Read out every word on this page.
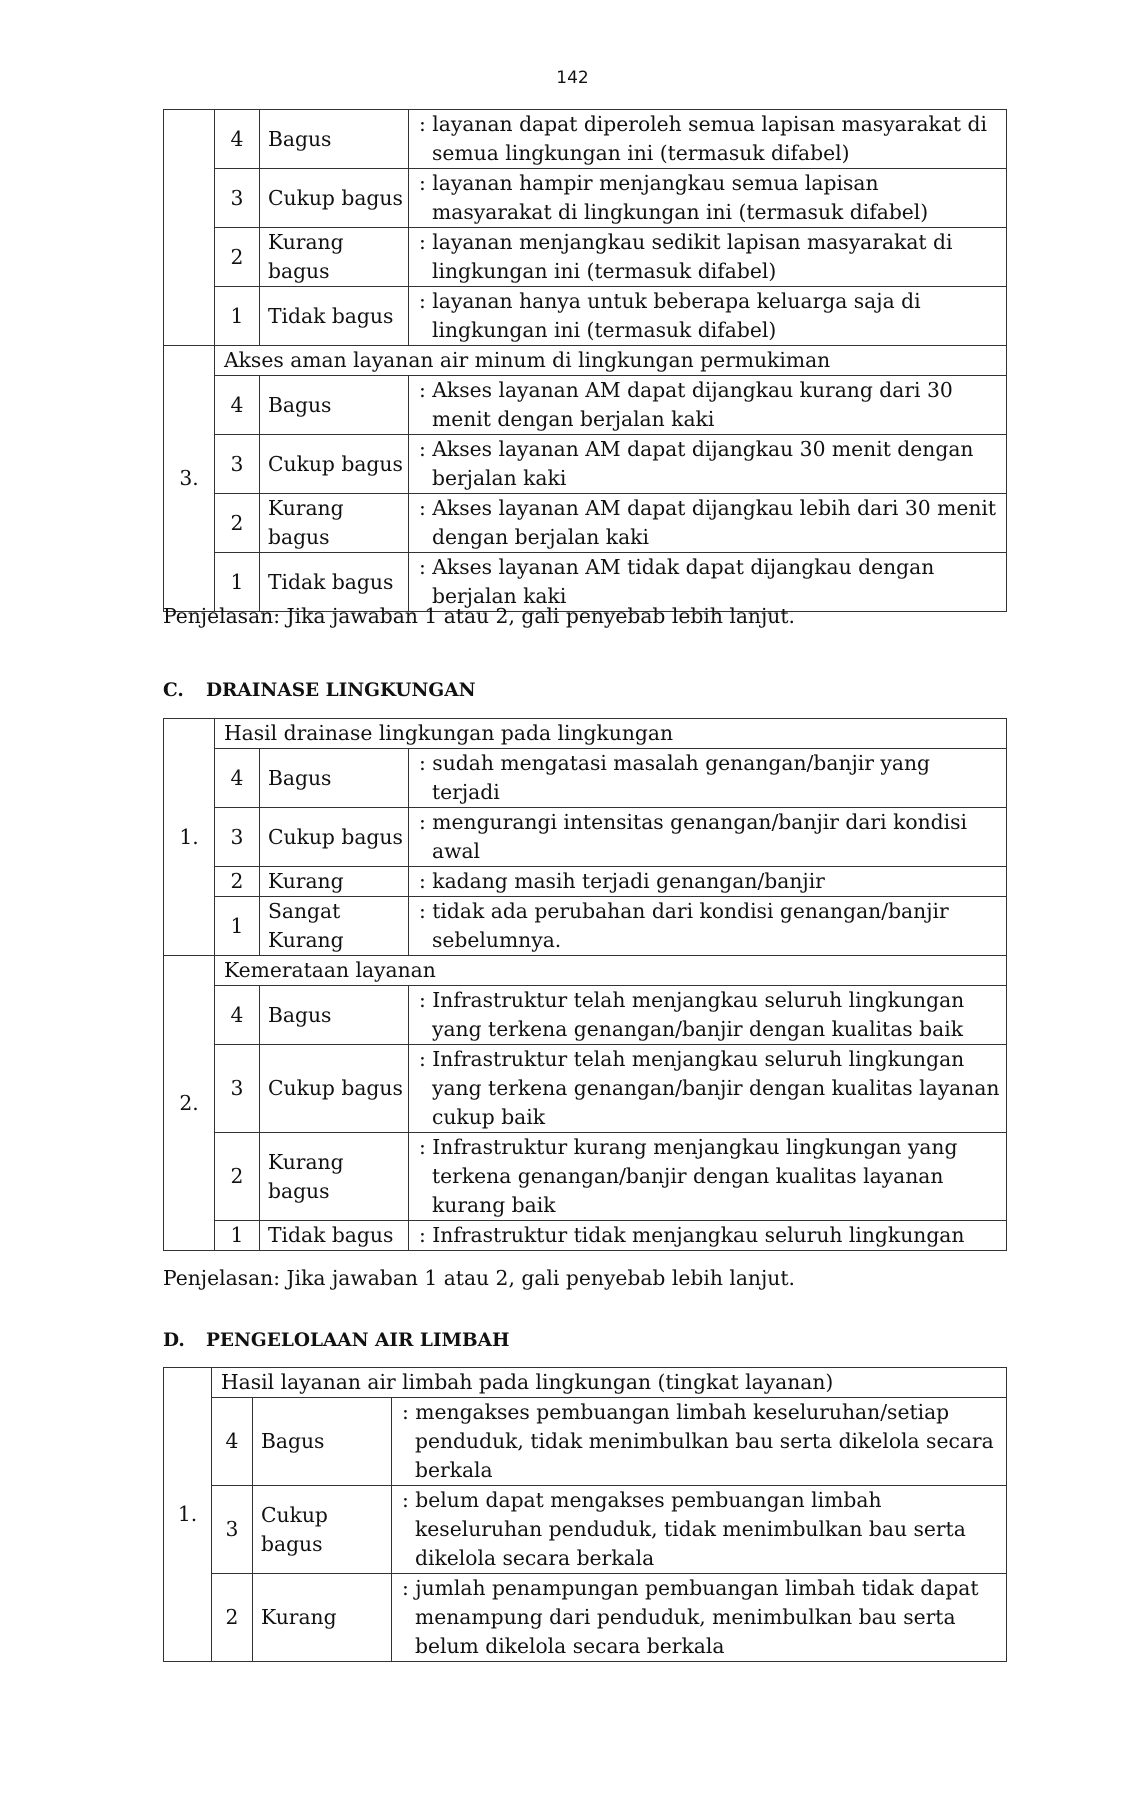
142
	4	Bagus	: layanan dapat diperoleh semua lapisan masyarakat di semua lingkungan ini (termasuk difabel)

	3	Cukup bagus	: layanan hampir menjangkau semua lapisan masyarakat di lingkungan ini (termasuk difabel)

	2	Kurang bagus	: layanan menjangkau sedikit lapisan masyarakat di lingkungan ini (termasuk difabel)

	1	Tidak bagus	: layanan hanya untuk beberapa keluarga saja di lingkungan ini (termasuk difabel)

3.	Akses aman layanan air minum di lingkungan permukiman		
	4	Bagus	: Akses layanan AM dapat dijangkau kurang dari 30 menit dengan berjalan kaki

	3	Cukup bagus	: Akses layanan AM dapat dijangkau 30 menit dengan berjalan kaki

	2	Kurang bagus	: Akses layanan AM dapat dijangkau lebih dari 30 menit dengan berjalan kaki

	1	Tidak bagus	: Akses layanan AM tidak dapat dijangkau dengan berjalan kaki
Penjelasan: Jika jawaban 1 atau 2, gali penyebab lebih lanjut.
C. DRAINASE LINGKUNGAN
1.	Hasil drainase lingkungan pada lingkungan		
	4	Bagus	: sudah mengatasi masalah genangan/banjir yang terjadi

	3	Cukup bagus	: mengurangi intensitas genangan/banjir dari kondisi awal

	2	Kurang	: kadang masih terjadi genangan/banjir

	1	Sangat Kurang	: tidak ada perubahan dari kondisi genangan/banjir sebelumnya.

2.	Kemerataan layanan		
	4	Bagus	: Infrastruktur telah menjangkau seluruh lingkungan yang terkena genangan/banjir dengan kualitas baik

	3	Cukup bagus	: Infrastruktur telah menjangkau seluruh lingkungan yang terkena genangan/banjir dengan kualitas layanan cukup baik

	2	Kurang bagus	: Infrastruktur kurang menjangkau lingkungan yang terkena genangan/banjir dengan kualitas layanan kurang baik

	1	Tidak bagus	: Infrastruktur tidak menjangkau seluruh lingkungan
Penjelasan: Jika jawaban 1 atau 2, gali penyebab lebih lanjut.
D. PENGELOLAAN AIR LIMBAH
1.	Hasil layanan air limbah pada lingkungan (tingkat layanan)		
	4	Bagus	: mengakses pembuangan limbah keseluruhan/setiap penduduk, tidak menimbulkan bau serta dikelola secara berkala

	3	Cukup bagus	: belum dapat mengakses pembuangan limbah keseluruhan penduduk, tidak menimbulkan bau serta dikelola secara berkala

	2	Kurang	: jumlah penampungan pembuangan limbah tidak dapat menampung dari penduduk, menimbulkan bau serta belum dikelola secara berkala
